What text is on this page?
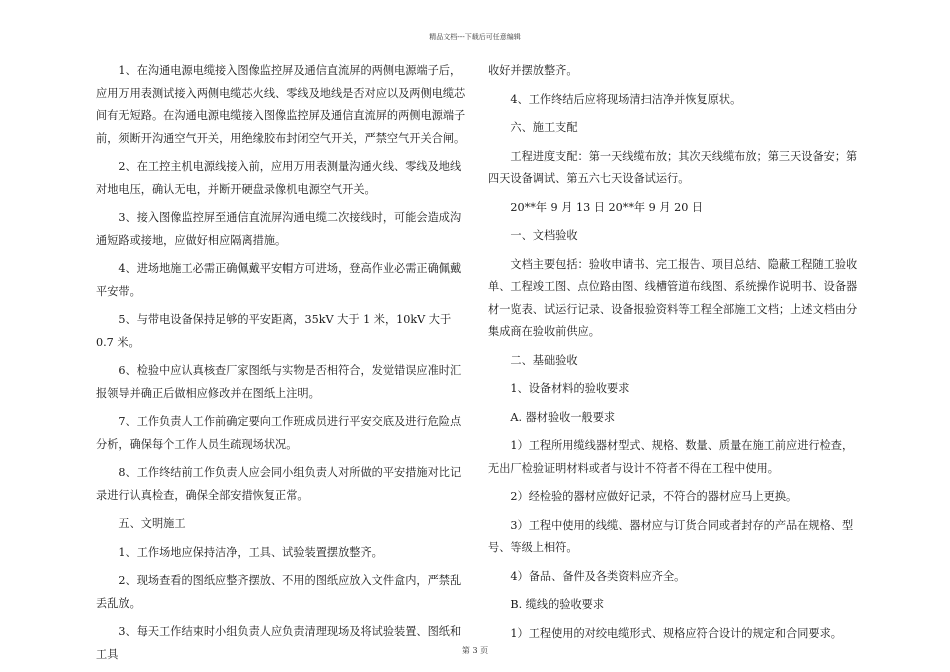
精品文档---下载后可任意编辑

1、在沟通电源电缆接入图像监控屏及通信直流屏的两侧电源端子后，应用万用表测试接入两侧电缆芯火线、零线及地线是否对应以及两侧电缆芯间有无短路。在沟通电源电缆接入图像监控屏及通信直流屏的两侧电源端子前，须断开沟通空气开关，用绝缘胶布封闭空气开关，严禁空气开关合闸。

2、在工控主机电源线接入前，应用万用表测量沟通火线、零线及地线对地电压，确认无电，并断开硬盘录像机电源空气开关。

3、接入图像监控屏至通信直流屏沟通电缆二次接线时，可能会造成沟通短路或接地，应做好相应隔离措施。

4、进场地施工必需正确佩戴平安帽方可进场，登高作业必需正确佩戴平安带。

5、与带电设备保持足够的平安距离，35kV 大于 1 米，10kV 大于 0.7 米。

6、检验中应认真核查厂家图纸与实物是否相符合，发觉错误应准时汇报领导并确正后做相应修改并在图纸上注明。

7、工作负责人工作前确定要向工作班成员进行平安交底及进行危险点分析，确保每个工作人员生疏现场状况。

8、工作终结前工作负责人应会同小组负责人对所做的平安措施对比记录进行认真检查，确保全部安措恢复正常。

五、文明施工

1、工作场地应保持洁净，工具、试验装置摆放整齐。

2、现场查看的图纸应整齐摆放、不用的图纸应放入文件盒内，严禁乱丢乱放。

3、每天工作结束时小组负责人应负责清理现场及将试验装置、图纸和工具

收好并摆放整齐。

4、工作终结后应将现场清扫洁净并恢复原状。

六、施工支配

工程进度支配：第一天线缆布放；其次天线缆布放；第三天设备安；第四天设备调试、第五六七天设备试运行。

20**年 9 月 13 日 20**年 9 月 20 日

一、文档验收

文档主要包括：验收申请书、完工报告、项目总结、隐蔽工程随工验收单、工程竣工图、点位路由图、线槽管道布线图、系统操作说明书、设备器材一览表、试运行记录、设备报验资料等工程全部施工文档；上述文档由分集成商在验收前供应。

二、基础验收

1、设备材料的验收要求

A. 器材验收一般要求

1）工程所用缆线器材型式、规格、数量、质量在施工前应进行检查，无出厂检验证明材料或者与设计不符者不得在工程中使用。

2）经检验的器材应做好记录，不符合的器材应马上更换。

3）工程中使用的线缆、器材应与订货合同或者封存的产品在规格、型号、等级上相符。

4）备品、备件及各类资料应齐全。

B. 缆线的验收要求

1）工程使用的对绞电缆形式、规格应符合设计的规定和合同要求。

第 3 页
